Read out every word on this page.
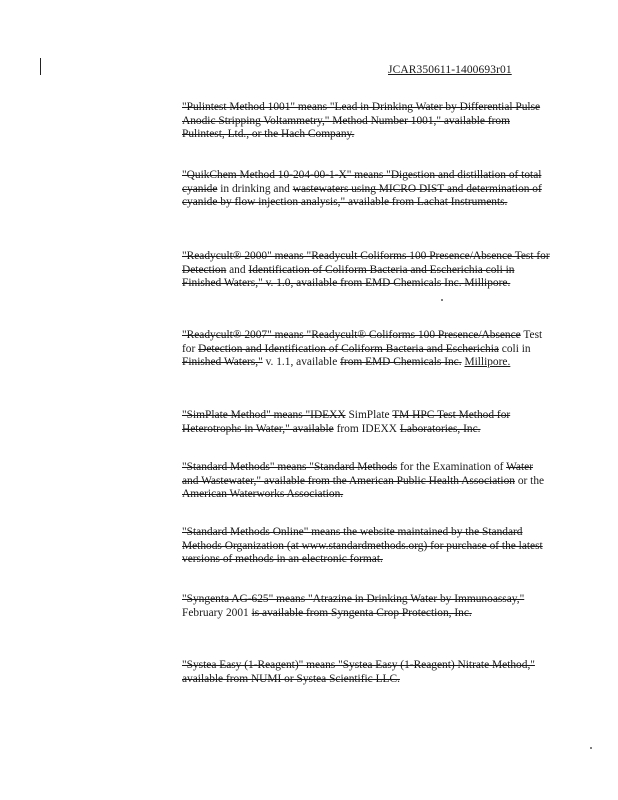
JCAR350611-1400693r01

"Pulintest Method 1001" means "Lead in Drinking Water by Differential Pulse Anodic Stripping Voltammetry," Method Number 1001," available from Pulintest, Ltd., or the Hach Company.

"QuikChem Method 10-204-00-1-X" means "Digestion and distillation of total cyanide in drinking and wastewaters using MICRO DIST and determination of cyanide by flow injection analysis," available from Lachat Instruments.

"Readycult® 2000" means "Readycult Coliforms 100 Presence/Absence Test for Detection and Identification of Coliform Bacteria and Escherichia coli in Finished Waters," v. 1.0, available from EMD Chemicals Inc. Millipore.

"Readycult® 2007" means "Readycult® Coliforms 100 Presence/Absence Test for Detection and Identification of Coliform Bacteria and Escherichia coli in Finished Waters," v. 1.1, available from EMD Chemicals Inc. Millipore.

"SimPlate Method" means "IDEXX SimPlate TM HPC Test Method for Heterotrophs in Water," available from IDEXX Laboratories, Inc.

"Standard Methods" means "Standard Methods for the Examination of Water and Wastewater," available from the American Public Health Association or the American Waterworks Association.

"Standard Methods Online" means the website maintained by the Standard Methods Organization (at www.standardmethods.org) for purchase of the latest versions of methods in an electronic format.

"Syngenta AG-625" means "Atrazine in Drinking Water by Immunoassay," February 2001 is available from Syngenta Crop Protection, Inc.

"Systea Easy (1-Reagent)" means "Systea Easy (1-Reagent) Nitrate Method," available from NUMI or Systea Scientific LLC.
